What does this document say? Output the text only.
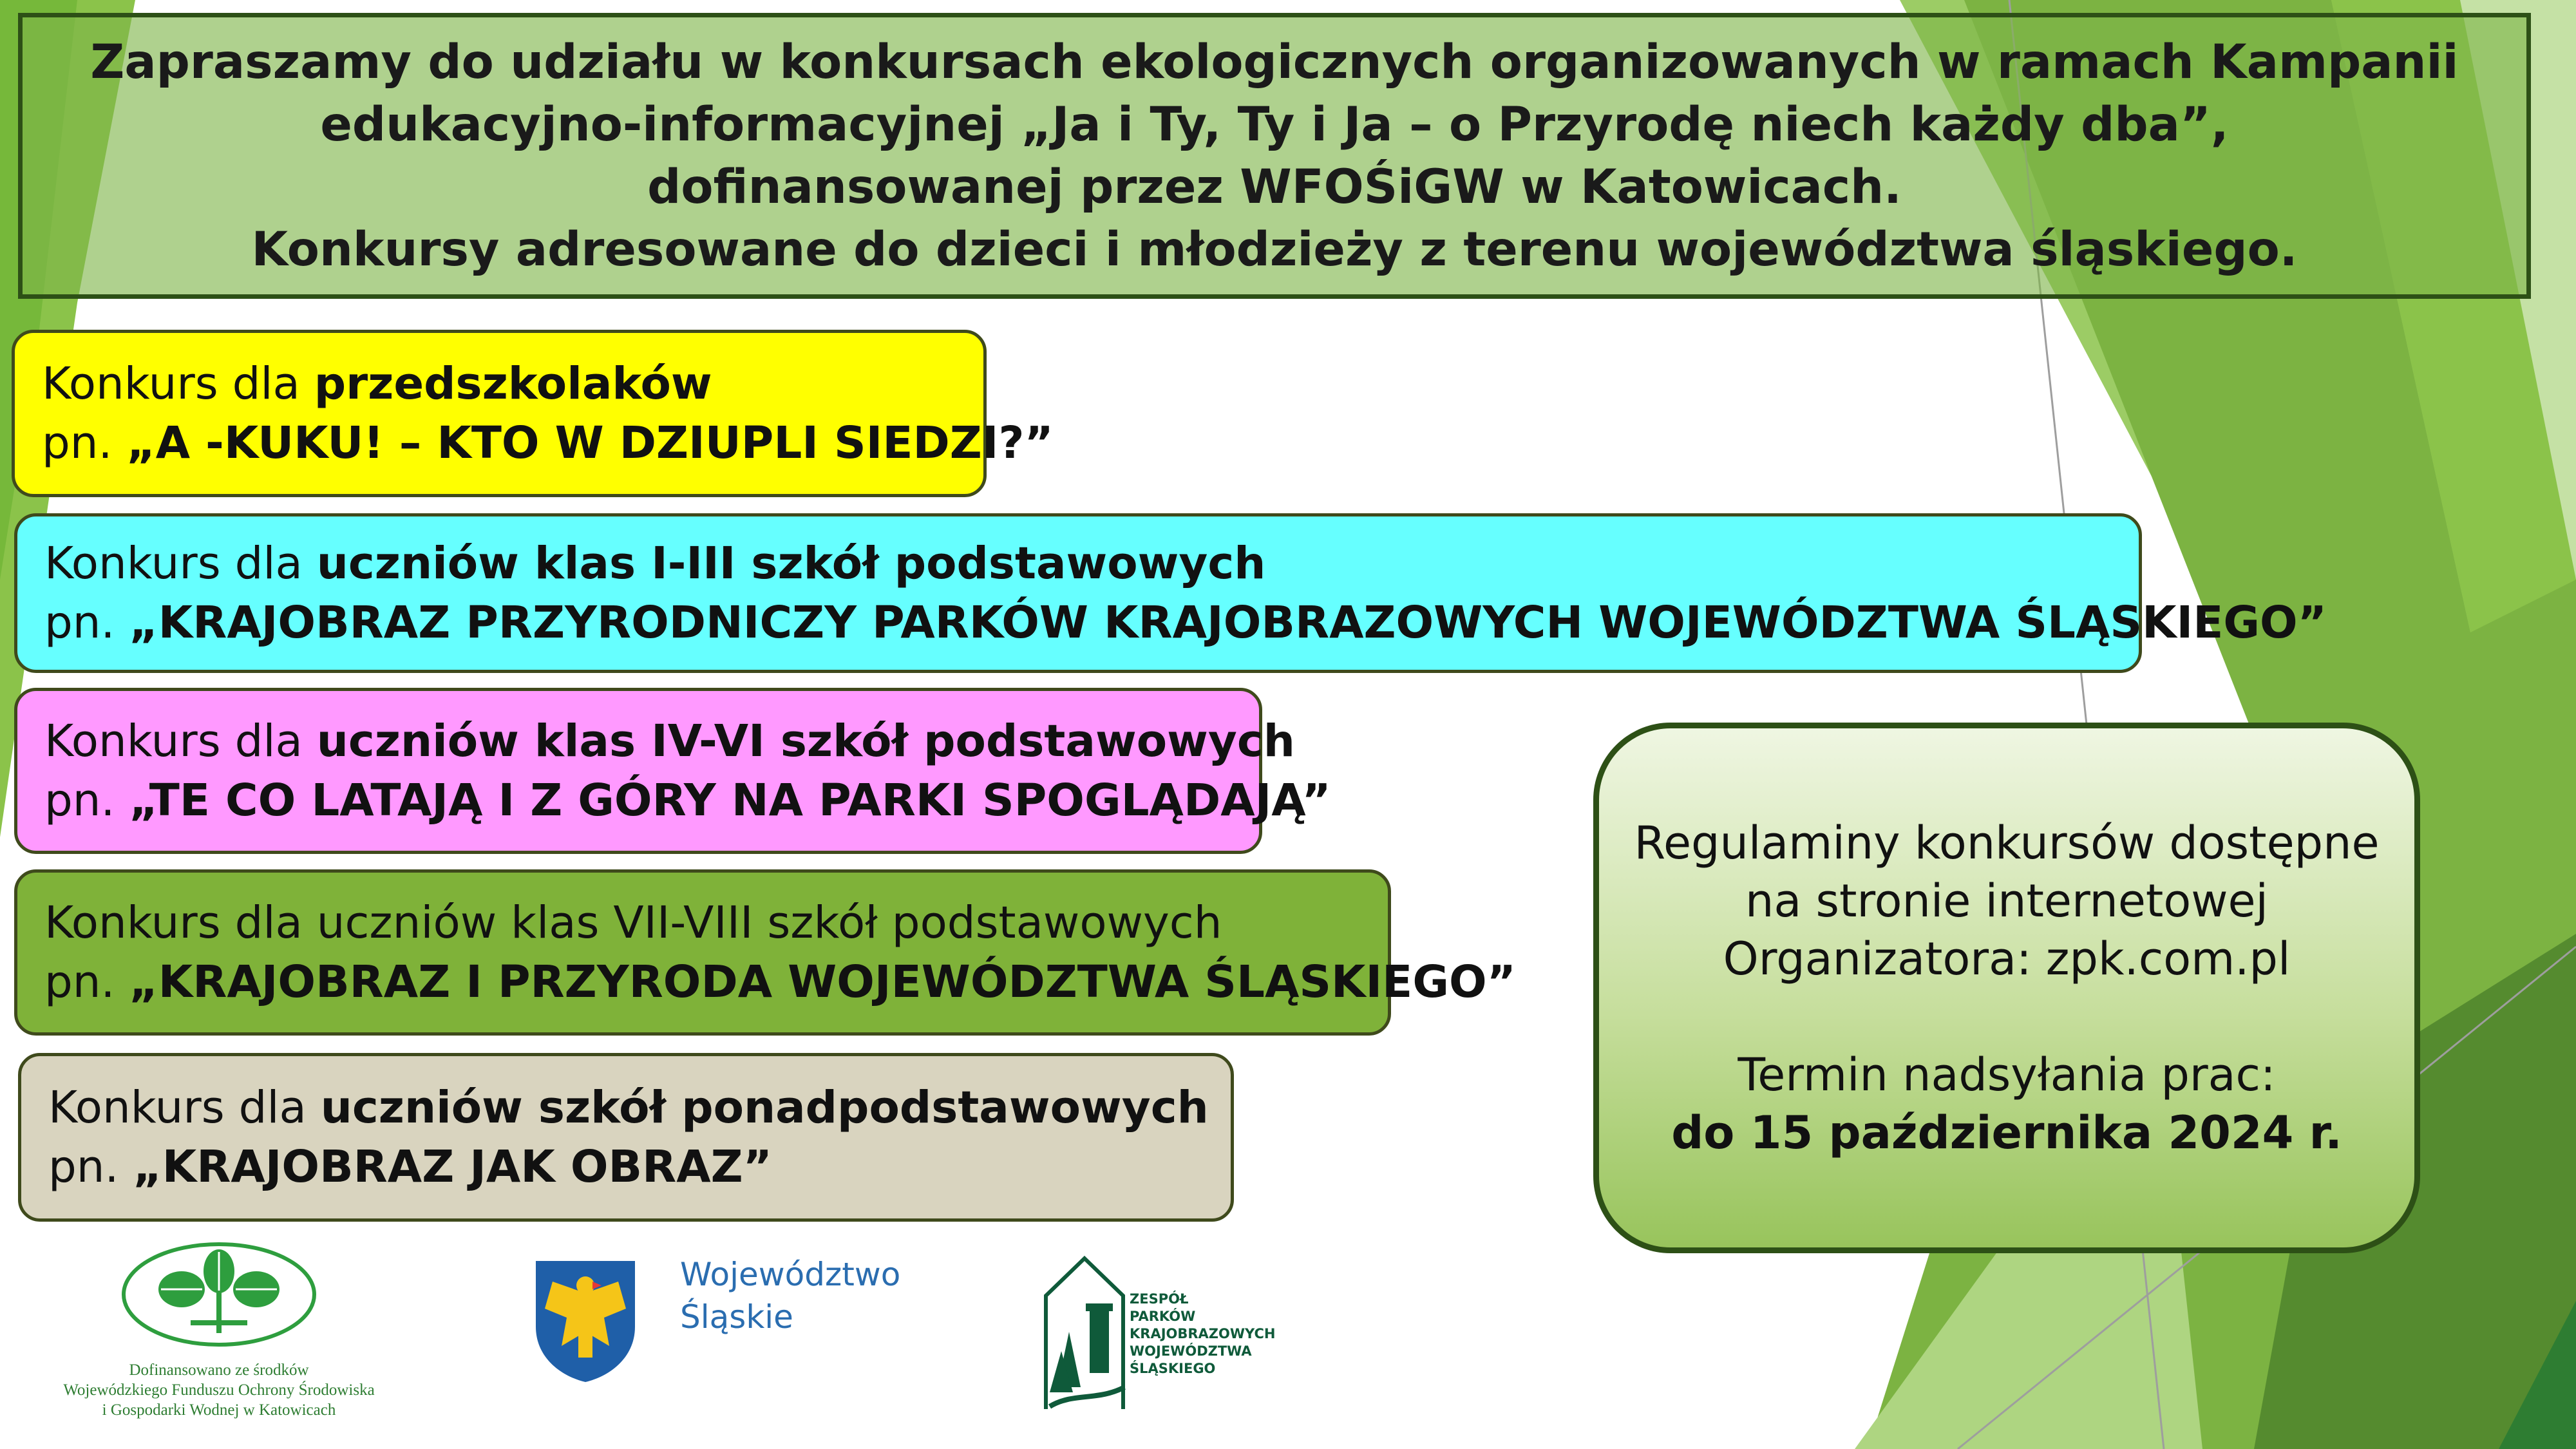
Zapraszamy do udziału w konkursach ekologicznych organizowanych w ramach Kampanii
edukacyjno-informacyjnej „Ja i Ty, Ty i Ja – o Przyrodę niech każdy dba”,
dofinansowanej przez WFOŚiGW w Katowicach.
Konkursy adresowane do dzieci i młodzieży z terenu województwa śląskiego.
Konkurs dla przedszkolaków
pn. „A -KUKU! – KTO W DZIUPLI SIEDZI?”
Konkurs dla uczniów klas I-III szkół podstawowych
pn. „KRAJOBRAZ PRZYRODNICZY PARKÓW KRAJOBRAZOWYCH WOJEWÓDZTWA ŚLĄSKIEGO”
Konkurs dla uczniów klas IV-VI szkół podstawowych
pn. „TE CO LATAJĄ I Z GÓRY NA PARKI SPOGLĄDAJĄ”
Konkurs dla uczniów klas VII-VIII szkół podstawowych
pn. „KRAJOBRAZ I PRZYRODA WOJEWÓDZTWA ŚLĄSKIEGO”
Konkurs dla uczniów szkół ponadpodstawowych
pn. „KRAJOBRAZ JAK OBRAZ”
Regulaminy konkursów dostępne
na stronie internetowej
Organizatora: zpk.com.pl
Termin nadsyłania prac:
do 15 października 2024 r.
Dofinansowano ze środków
Wojewódzkiego Funduszu Ochrony Środowiska
i Gospodarki Wodnej w Katowicach
Województwo
Śląskie	ZESPÓŁ
PARKÓW
KRAJOBRAZOWYCH
WOJEWÓDZTWA
ŚLĄSKIEGO
